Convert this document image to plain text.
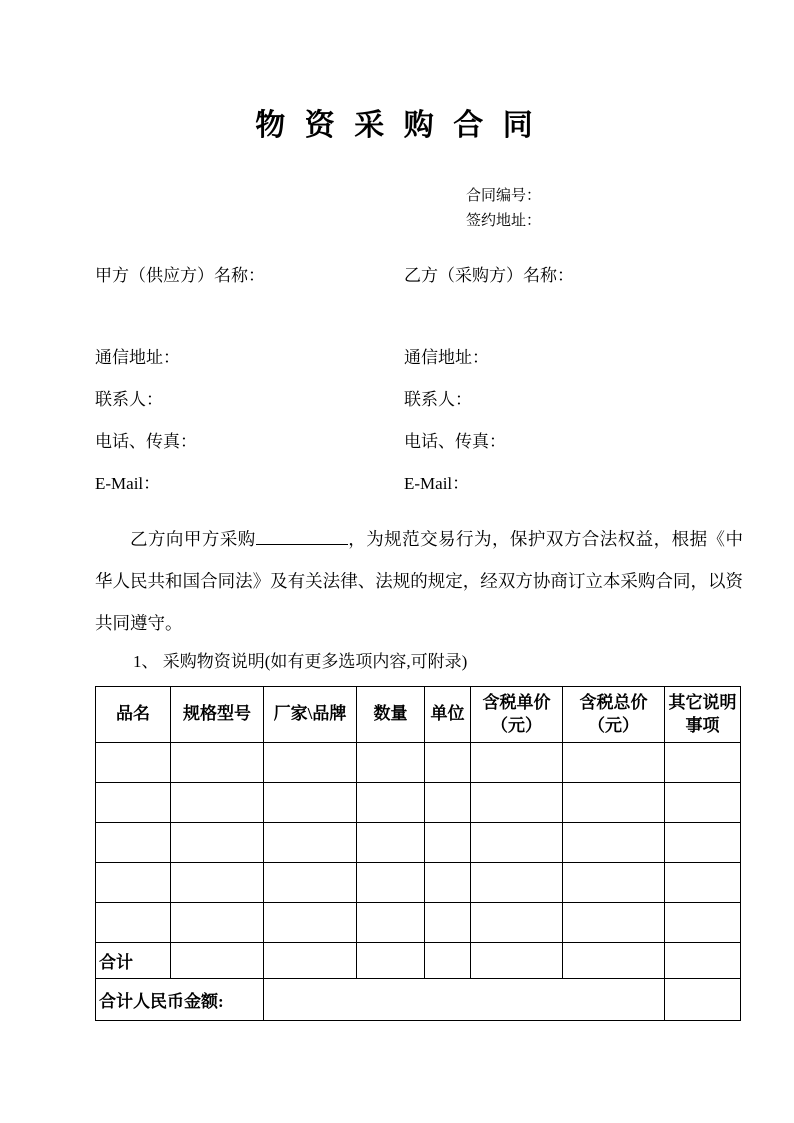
物 资 采 购 合 同
合同编号：
签约地址：
甲方（供应方）名称：	乙方（采购方）名称：
通信地址：	通信地址：
联系人：	联系人：
电话、传真：	电话、传真：
E-Mail：	E-Mail：

乙方向甲方采购	，为规范交易行为，保护双方合法权益，根据《中华人民共和国合同法》及有关法律、法规的规定，经双方协商订立本采购合同，以资共同遵守。

1、 采购物资说明(如有更多选项内容,可附录)
品名	规格型号	厂家\品牌	数量	单位	含税单价（元）	含税总价（元）	其它说明事项

合计							
合计人民币金额:							
